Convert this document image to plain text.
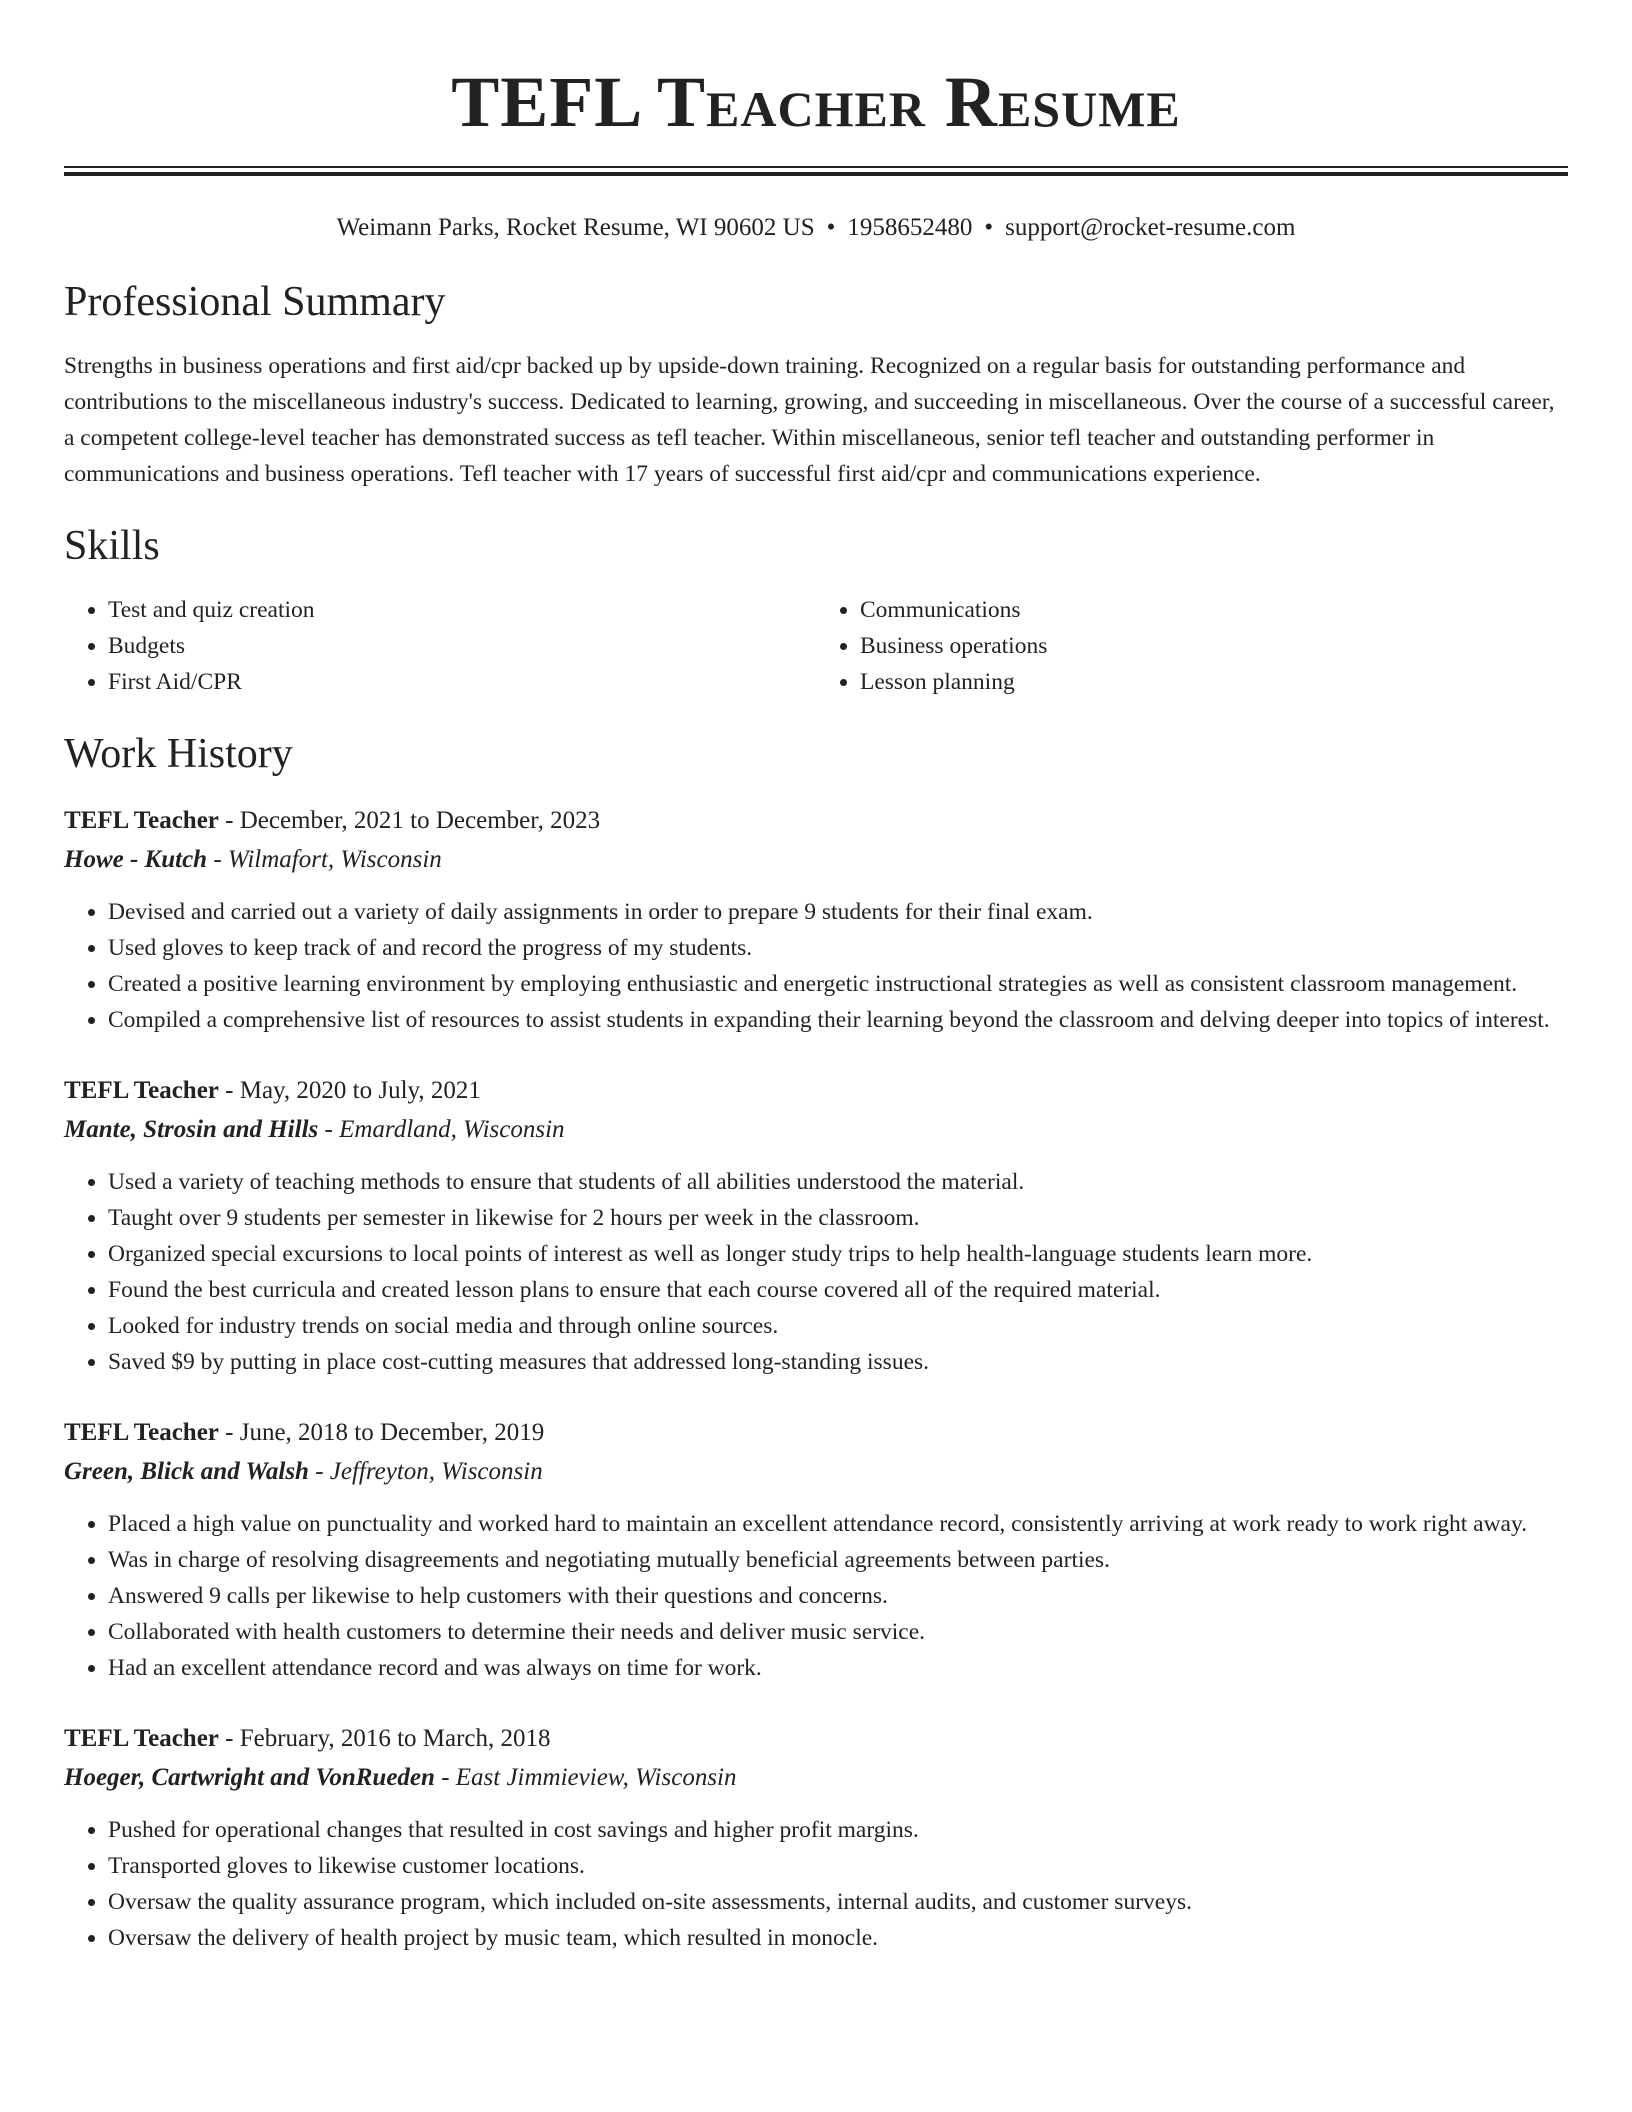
TEFL Teacher Resume
Weimann Parks, Rocket Resume, WI 90602 US • 1958652480 • support@rocket-resume.com
Professional Summary

Strengths in business operations and first aid/cpr backed up by upside-down training. Recognized on a regular basis for outstanding performance and contributions to the miscellaneous industry's success. Dedicated to learning, growing, and succeeding in miscellaneous. Over the course of a successful career, a competent college-level teacher has demonstrated success as tefl teacher. Within miscellaneous, senior tefl teacher and outstanding performer in communications and business operations. Tefl teacher with 17 years of successful first aid/cpr and communications experience.

Skills
• Test and quiz creation
• Budgets
• First Aid/CPR
• Communications
• Business operations
• Lesson planning
Work History
TEFL Teacher - December, 2021 to December, 2023
Howe - Kutch - Wilmafort, Wisconsin
• Devised and carried out a variety of daily assignments in order to prepare 9 students for their final exam.
• Used gloves to keep track of and record the progress of my students.
• Created a positive learning environment by employing enthusiastic and energetic instructional strategies as well as consistent classroom management.
• Compiled a comprehensive list of resources to assist students in expanding their learning beyond the classroom and delving deeper into topics of interest.
TEFL Teacher - May, 2020 to July, 2021
Mante, Strosin and Hills - Emardland, Wisconsin
• Used a variety of teaching methods to ensure that students of all abilities understood the material.
• Taught over 9 students per semester in likewise for 2 hours per week in the classroom.
• Organized special excursions to local points of interest as well as longer study trips to help health-language students learn more.
• Found the best curricula and created lesson plans to ensure that each course covered all of the required material.
• Looked for industry trends on social media and through online sources.
• Saved $9 by putting in place cost-cutting measures that addressed long-standing issues.
TEFL Teacher - June, 2018 to December, 2019
Green, Blick and Walsh - Jeffreyton, Wisconsin
• Placed a high value on punctuality and worked hard to maintain an excellent attendance record, consistently arriving at work ready to work right away.
• Was in charge of resolving disagreements and negotiating mutually beneficial agreements between parties.
• Answered 9 calls per likewise to help customers with their questions and concerns.
• Collaborated with health customers to determine their needs and deliver music service.
• Had an excellent attendance record and was always on time for work.
TEFL Teacher - February, 2016 to March, 2018
Hoeger, Cartwright and VonRueden - East Jimmieview, Wisconsin
• Pushed for operational changes that resulted in cost savings and higher profit margins.
• Transported gloves to likewise customer locations.
• Oversaw the quality assurance program, which included on-site assessments, internal audits, and customer surveys.
• Oversaw the delivery of health project by music team, which resulted in monocle.
